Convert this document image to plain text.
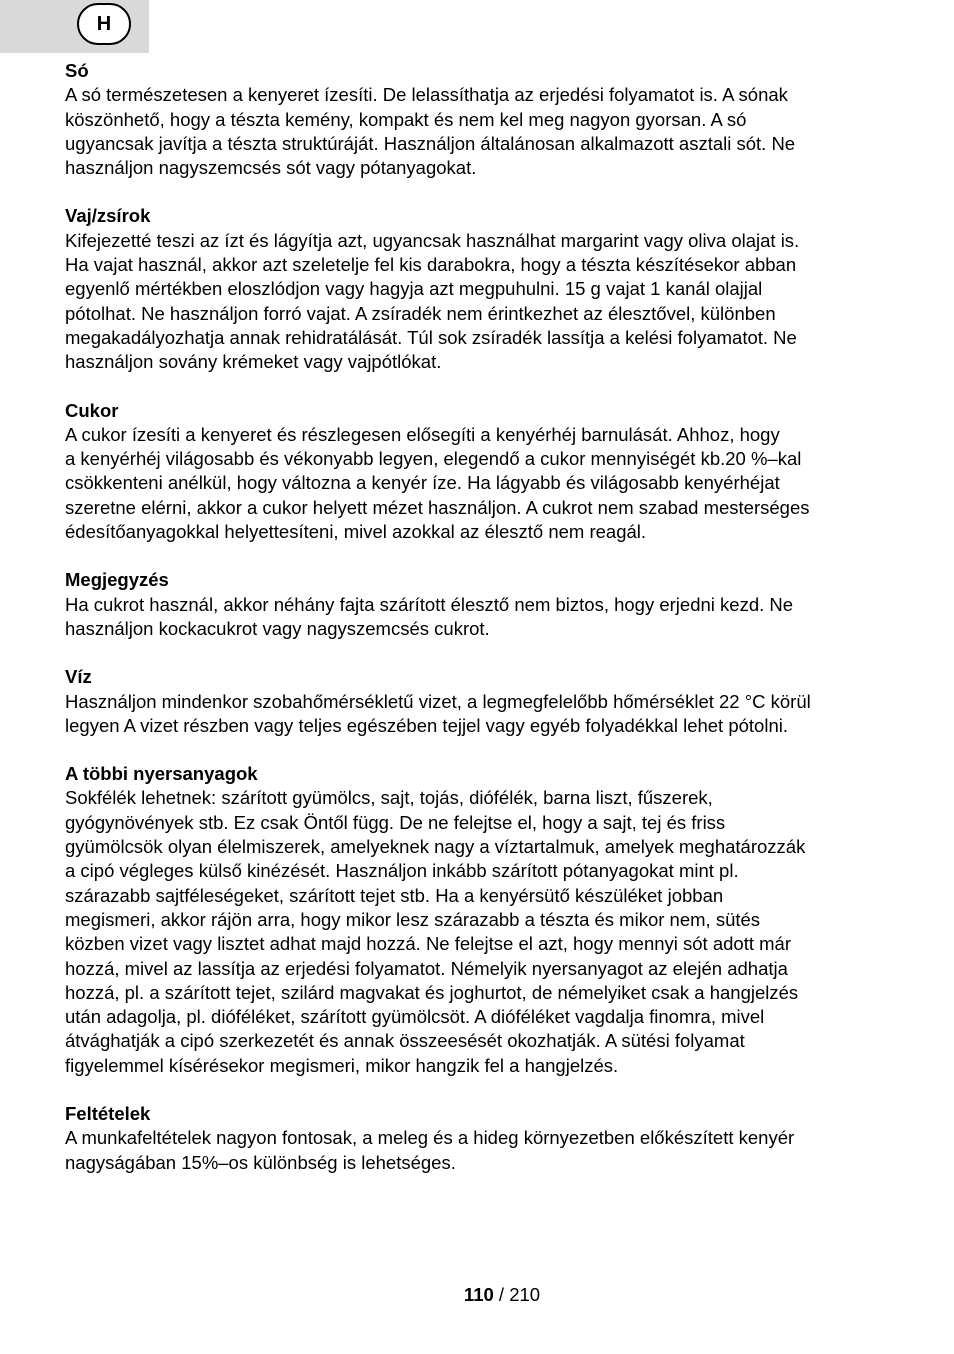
H
Só

A só természetesen a kenyeret ízesíti. De lelassíthatja az erjedési folyamatot is. A sónak

köszönhető, hogy a tészta kemény, kompakt és nem kel meg nagyon gyorsan. A só

ugyancsak javítja a tészta struktúráját. Használjon általánosan alkalmazott asztali sót. Ne

használjon nagyszemcsés sót vagy pótanyagokat.

Vaj/zsírok

Kifejezetté teszi az ízt és lágyítja azt, ugyancsak használhat margarint vagy oliva olajat is.

Ha vajat használ, akkor azt szeletelje fel kis darabokra, hogy a tészta készítésekor abban

egyenlő mértékben eloszlódjon vagy hagyja azt megpuhulni. 15 g vajat 1 kanál olajjal

pótolhat. Ne használjon forró vajat. A zsíradék nem érintkezhet az élesztővel, különben

megakadályozhatja annak rehidratálását. Túl sok zsíradék lassítja a kelési folyamatot. Ne

használjon sovány krémeket vagy vajpótlókat.

Cukor

A cukor ízesíti a kenyeret és részlegesen elősegíti a kenyérhéj barnulását. Ahhoz, hogy

a kenyérhéj világosabb és vékonyabb legyen, elegendő a cukor mennyiségét kb.20 %–kal

csökkenteni anélkül, hogy változna a kenyér íze. Ha lágyabb és világosabb kenyérhéjat

szeretne elérni, akkor a cukor helyett mézet használjon. A cukrot nem szabad mesterséges

édesítőanyagokkal helyettesíteni, mivel azokkal az élesztő nem reagál.

Megjegyzés

Ha cukrot használ, akkor néhány fajta szárított élesztő nem biztos, hogy erjedni kezd. Ne

használjon kockacukrot vagy nagyszemcsés cukrot.

Víz

Használjon mindenkor szobahőmérsékletű vizet, a legmegfelelőbb hőmérséklet 22 °C körül

legyen A vizet részben vagy teljes egészében tejjel vagy egyéb folyadékkal lehet pótolni.

A többi nyersanyagok

Sokfélék lehetnek: szárított gyümölcs, sajt, tojás, diófélék, barna liszt, fűszerek,

gyógynövények stb. Ez csak Öntől függ. De ne felejtse el, hogy a sajt, tej és friss

gyümölcsök olyan élelmiszerek, amelyeknek nagy a víztartalmuk, amelyek meghatározzák

a cipó végleges külső kinézését. Használjon inkább szárított pótanyagokat mint pl.

szárazabb sajtféleségeket, szárított tejet stb. Ha a kenyérsütő készüléket jobban

megismeri, akkor rájön arra, hogy mikor lesz szárazabb a tészta és mikor nem, sütés

közben vizet vagy lisztet adhat majd hozzá. Ne felejtse el azt, hogy mennyi sót adott már

hozzá, mivel az lassítja az erjedési folyamatot. Némelyik nyersanyagot az elején adhatja

hozzá, pl. a szárított tejet, szilárd magvakat és joghurtot, de némelyiket csak a hangjelzés

után adagolja, pl. dióféléket, szárított gyümölcsöt. A dióféléket vagdalja finomra, mivel

átvághatják a cipó szerkezetét és annak összeesését okozhatják. A sütési folyamat

figyelemmel kísérésekor megismeri, mikor hangzik fel a hangjelzés.

Feltételek

A munkafeltételek nagyon fontosak, a meleg és a hideg környezetben előkészített kenyér

nagyságában 15%–os különbség is lehetséges.

110 / 210
